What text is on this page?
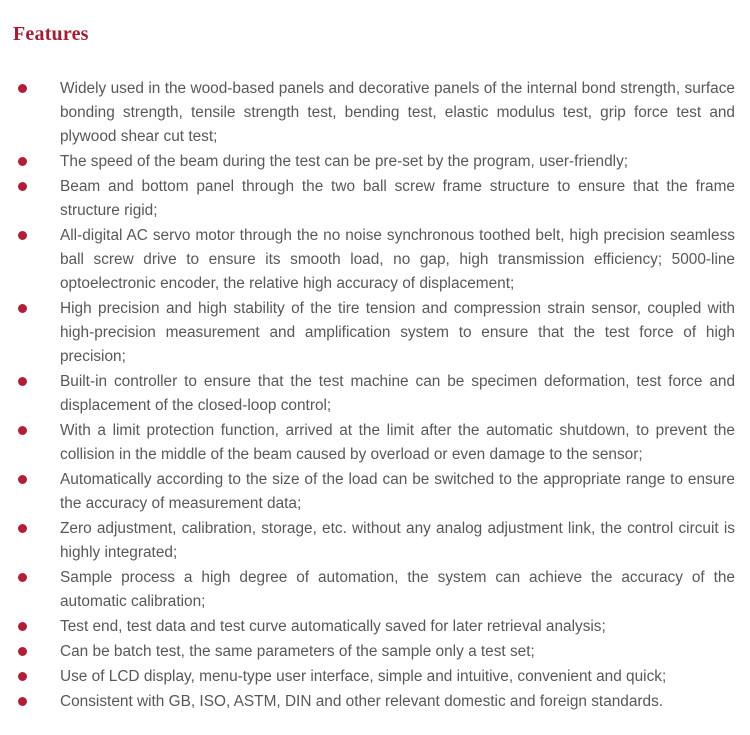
Features
Widely used in the wood-based panels and decorative panels of the internal bond strength, surface bonding strength, tensile strength test, bending test, elastic modulus test, grip force test and plywood shear cut test;
The speed of the beam during the test can be pre-set by the program, user-friendly;
Beam and bottom panel through the two ball screw frame structure to ensure that the frame structure rigid;
All-digital AC servo motor through the no noise synchronous toothed belt, high precision seamless ball screw drive to ensure its smooth load, no gap, high transmission efficiency; 5000-line optoelectronic encoder, the relative high accuracy of displacement;
High precision and high stability of the tire tension and compression strain sensor, coupled with high-precision measurement and amplification system to ensure that the test force of high precision;
Built-in controller to ensure that the test machine can be specimen deformation, test force and displacement of the closed-loop control;
With a limit protection function, arrived at the limit after the automatic shutdown, to prevent the collision in the middle of the beam caused by overload or even damage to the sensor;
Automatically according to the size of the load can be switched to the appropriate range to ensure the accuracy of measurement data;
Zero adjustment, calibration, storage, etc. without any analog adjustment link, the control circuit is highly integrated;
Sample process a high degree of automation, the system can achieve the accuracy of the automatic calibration;
Test end, test data and test curve automatically saved for later retrieval analysis;
Can be batch test, the same parameters of the sample only a test set;
Use of LCD display, menu-type user interface, simple and intuitive, convenient and quick;
Consistent with GB, ISO, ASTM, DIN and other relevant domestic and foreign standards.
